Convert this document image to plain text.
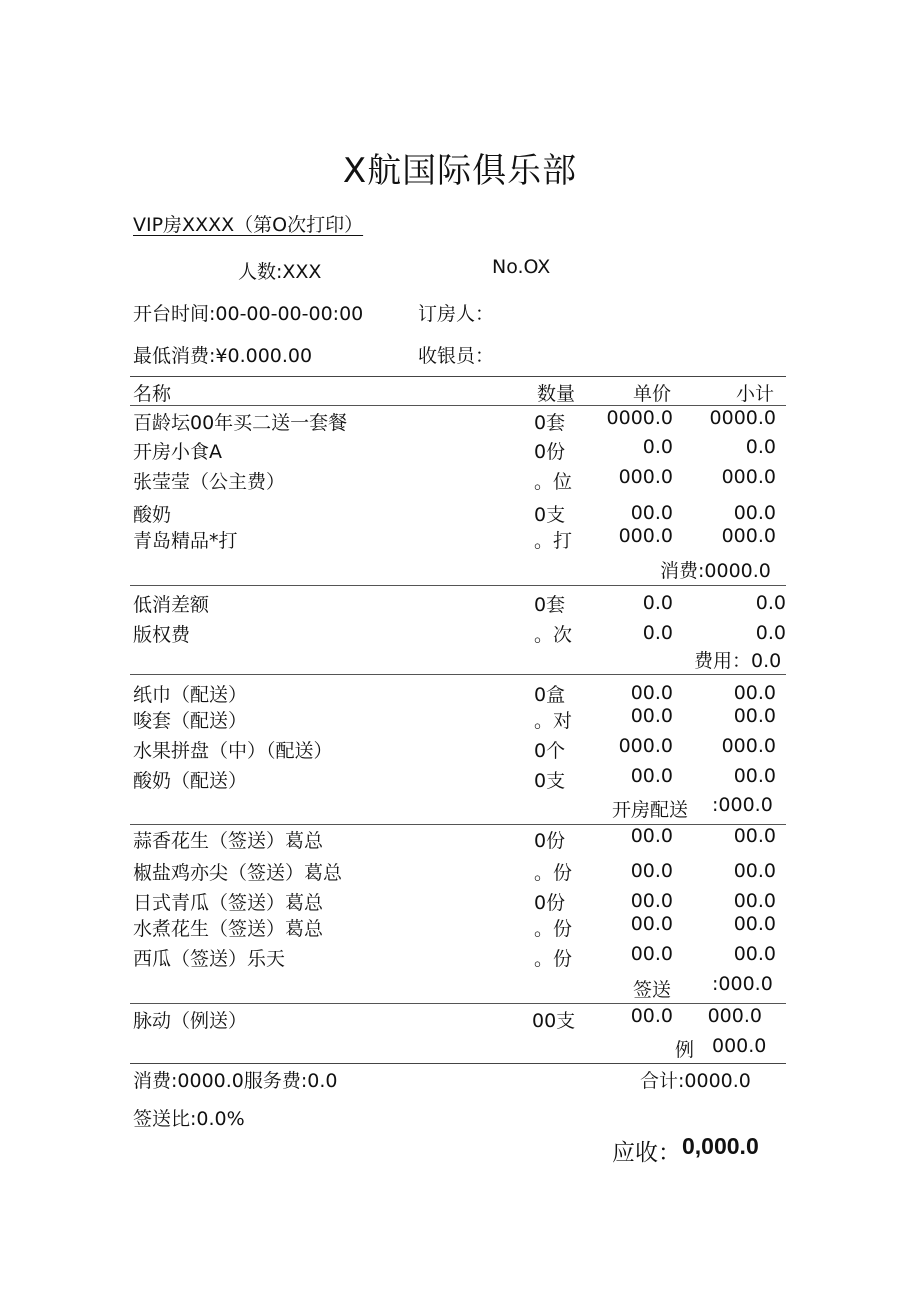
X航国际俱乐部
VIP房XXXX（第O次打印）
人数:XXX	No.OX
开台时间:00-00-00-00:00	订房人：
最低消费:¥0.000.00	收银员：
名称	数量	单价	小计
百龄坛00年买二送一套餐	0套	0000.0	0000.0
开房小食A	0份	0.0	0.0
张莹莹（公主费）	。位	000.0	000.0
酸奶	0支	00.0	00.0
青岛精品*打	。打	000.0	000.0
消费:0000.0
低消差额	0套	0.0	0.0
版权费	。次	0.0	0.0
费用：0.0
纸巾（配送）	0盒	00.0	00.0
唆套（配送）	。对	00.0	00.0
水果拼盘（中）（配送）	0个	000.0	000.0
酸奶（配送）	0支	00.0	00.0
开房配送 :000.0
蒜香花生（签送）葛总	0份	00.0	00.0
椒盐鸡亦尖（签送）葛总	。份	00.0	00.0
日式青瓜（签送）葛总	0份	00.0	00.0
水煮花生（签送）葛总	。份	00.0	00.0
西瓜（签送）乐天	。份	00.0	00.0
签送 :000.0
脉动（例送）	00支	00.0	000.0
例 000.0
消费:0000.0服务费:0.0	合计:0000.0
签送比:0.0%
应收： 0,000.0
